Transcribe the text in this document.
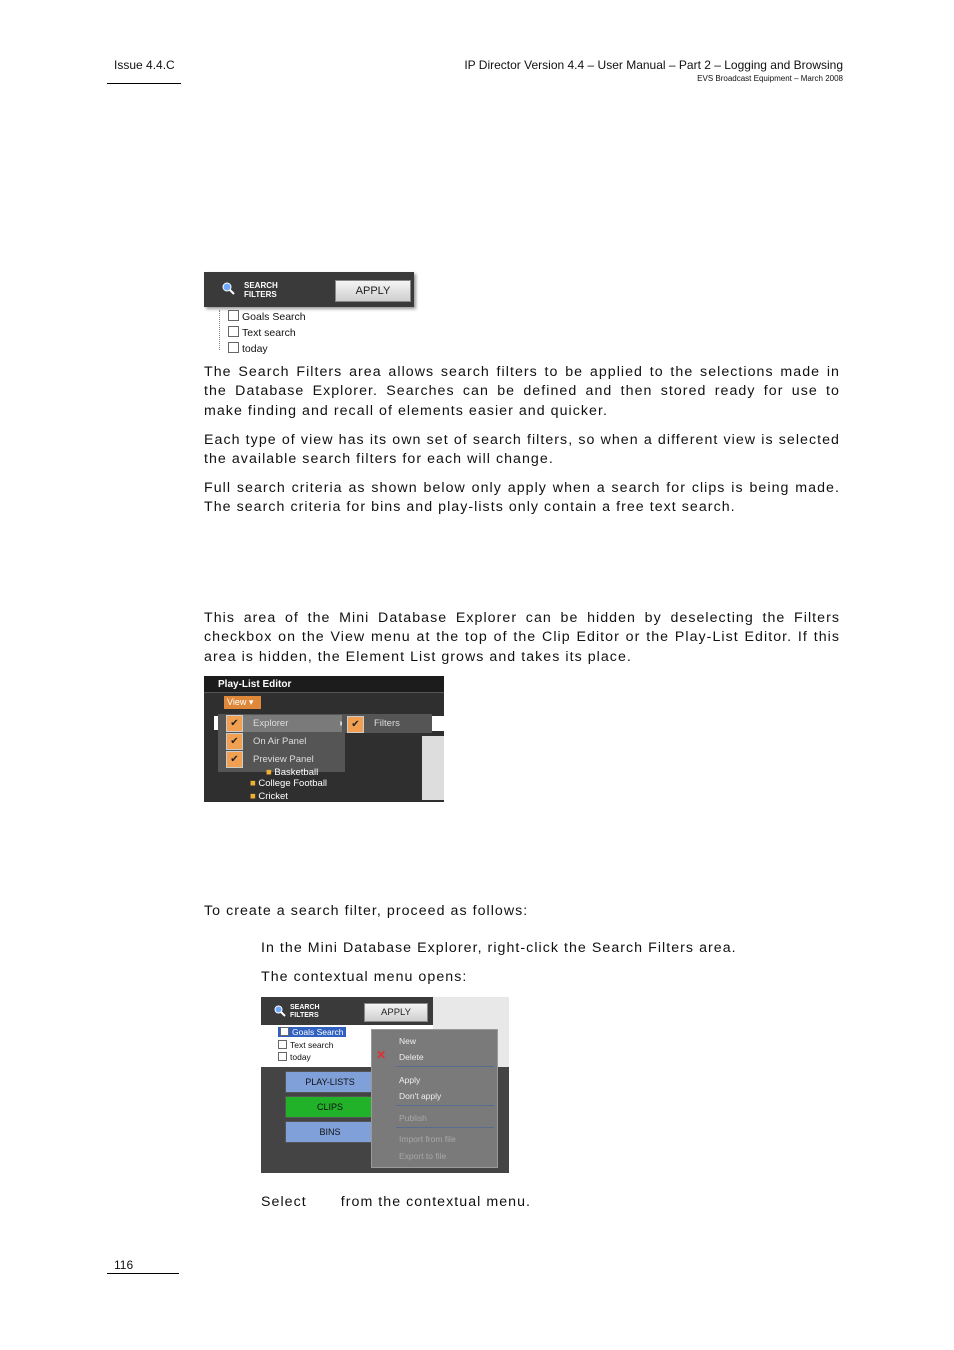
Issue 4.4.C	IP Director Version 4.4 – User Manual – Part 2 – Logging and Browsing
EVS Broadcast Equipment – March 2008
SEARCH
FILTERS	APPLY
Goals Search
Text search
today
The Search Filters area allows search filters to be applied to the selections made in the Database Explorer. Searches can be defined and then stored ready for use to make finding and recall of elements easier and quicker.
Each type of view has its own set of search filters, so when a different view is selected the available search filters for each will change.
Full search criteria as shown below only apply when a search for clips is being made. The search criteria for bins and play-lists only contain a free text search.
This area of the Mini Database Explorer can be hidden by deselecting the Filters checkbox on the View menu at the top of the Clip Editor or the Play-List Editor. If this area is hidden, the Element List grows and takes its place.
Play-List Editor
View ▾
✔	Explorer
✔	On Air Panel
✔	Preview Panel
✔	Filters
■ Basketball
■ College Football
■ Cricket
To create a search filter, proceed as follows:
In the Mini Database Explorer, right-click the Search Filters area.
The contextual menu opens:
SEARCH
FILTERS	APPLY
Goals Search
Text search
today
PLAY-LISTS
CLIPS
BINS
New
✕ Delete
Apply
Don't apply
Publish
Import from file
Export to file
Select from the contextual menu.
116
